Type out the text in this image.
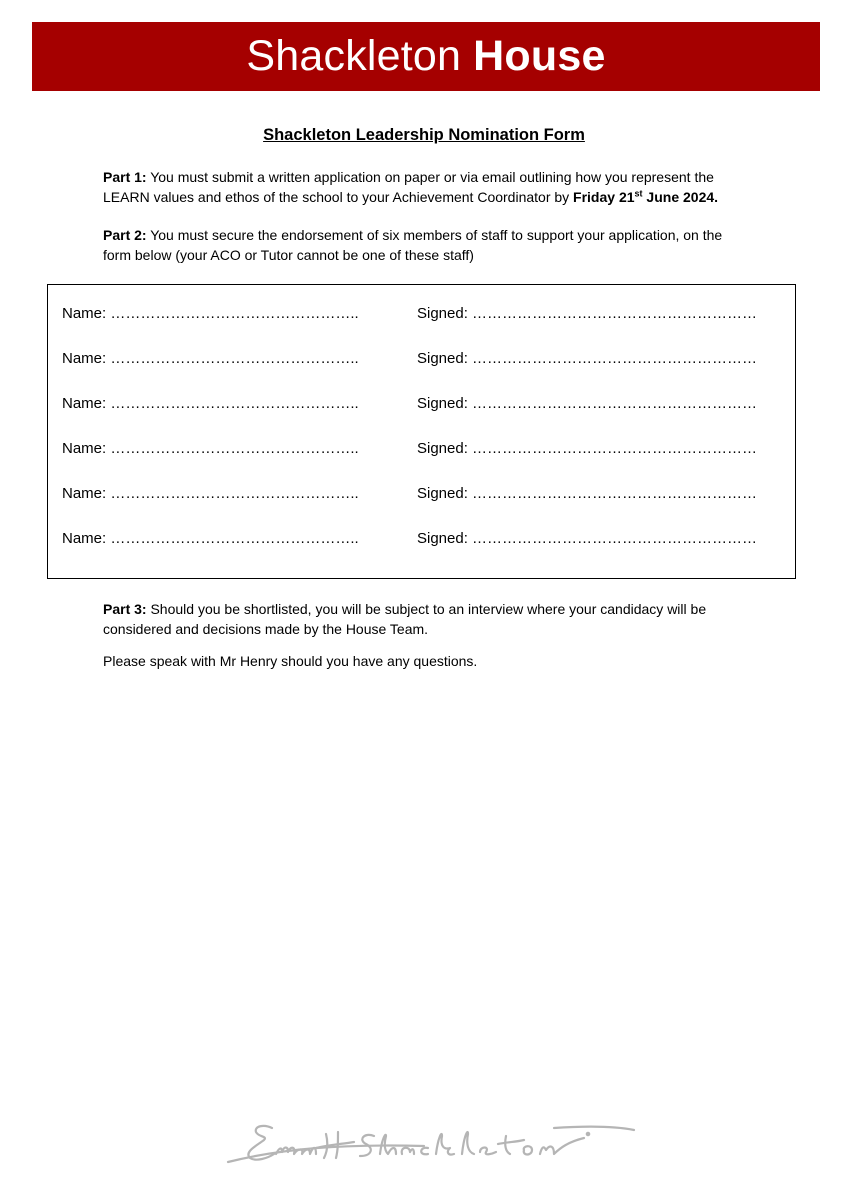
Shackleton House
Shackleton Leadership Nomination Form
Part 1: You must submit a written application on paper or via email outlining how you represent the LEARN values and ethos of the school to your Achievement Coordinator by Friday 21st June 2024.
Part 2: You must secure the endorsement of six members of staff to support your application, on the form below (your ACO or Tutor cannot be one of these staff)
Name: …………………………………………..	Signed: …………………………………………………
Name: …………………………………………..	Signed: …………………………………………………
Name: …………………………………………..	Signed: …………………………………………………
Name: …………………………………………..	Signed: …………………………………………………
Name: …………………………………………..	Signed: …………………………………………………
Name: …………………………………………..	Signed: …………………………………………………
Part 3: Should you be shortlisted, you will be subject to an interview where your candidacy will be considered and decisions made by the House Team.
Please speak with Mr Henry should you have any questions.
